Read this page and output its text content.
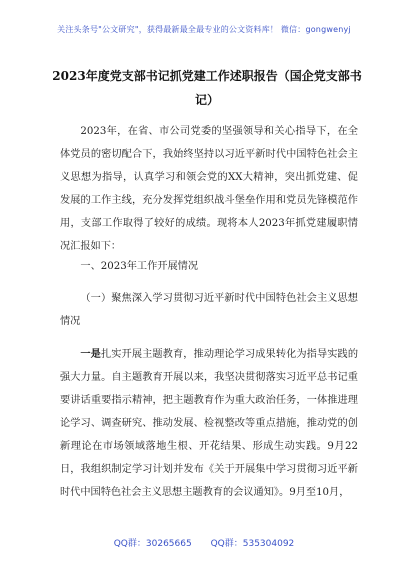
关注头条号"公文研究"，获得最新最全最专业的公文资料库！ 微信：gongwenyj
2023年度党支部书记抓党建工作述职报告（国企党支部书记）
2023年，在省、市公司党委的坚强领导和关心指导下，在全体党员的密切配合下，我始终坚持以习近平新时代中国特色社会主义思想为指导，认真学习和领会党的XX大精神，突出抓党建、促发展的工作主线，充分发挥党组织战斗堡垒作用和党员先锋模范作用，支部工作取得了较好的成绩。现将本人2023年抓党建履职情况汇报如下：
一、2023年工作开展情况
（一）聚焦深入学习贯彻习近平新时代中国特色社会主义思想情况
一是扎实开展主题教育，推动理论学习成果转化为指导实践的强大力量。自主题教育开展以来，我坚决贯彻落实习近平总书记重要讲话重要指示精神，把主题教育作为重大政治任务，一体推进理论学习、调查研究、推动发展、检视整改等重点措施，推动党的创新理论在市场领域落地生根、开花结果、形成生动实践。9月22日，我组织制定学习计划并发布《关于开展集中学习贯彻习近平新时代中国特色社会主义思想主题教育的会议通知》。9月至10月，
QQ群：30265665 QQ群：535304092
